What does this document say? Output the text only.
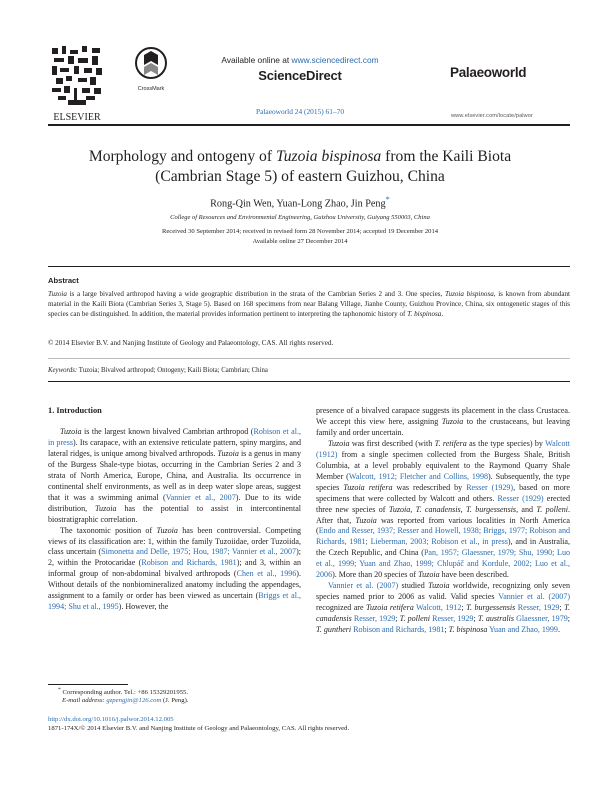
ELSEVIER
CrossMark
Available online at www.sciencedirect.com
ScienceDirect
Palaeoworld 24 (2015) 61–70
Palaeoworld
www.elsevier.com/locate/palwor
Morphology and ontogeny of Tuzoia bispinosa from the Kaili Biota (Cambrian Stage 5) of eastern Guizhou, China
Rong-Qin Wen, Yuan-Long Zhao, Jin Peng*
College of Resources and Environmental Engineering, Guizhou University, Guiyang 550003, China
Received 30 September 2014; received in revised form 28 November 2014; accepted 19 December 2014
Available online 27 December 2014
Abstract
Tuzoia is a large bivalved arthropod having a wide geographic distribution in the strata of the Cambrian Series 2 and 3. One species, Tuzoia bispinosa, is known from abundant material in the Kaili Biota (Cambrian Series 3, Stage 5). Based on 168 specimens from near Balang Village, Jianhe County, Guizhou Province, China, six ontogenetic stages of this species can be distinguished. In addition, the material provides information pertinent to interpreting the taphonomic history of T. bispinosa.
© 2014 Elsevier B.V. and Nanjing Institute of Geology and Palaeontology, CAS. All rights reserved.
Keywords: Tuzoia; Bivalved arthropod; Ontogeny; Kaili Biota; Cambrian; China
1. Introduction

Tuzoia is the largest known bivalved Cambrian arthropod (Robison et al., in press). Its carapace, with an extensive reticulate pattern, spiny margins, and lateral ridges, is unique among bivalved arthropods. Tuzoia is a genus in many of the Burgess Shale-type biotas, occurring in the Cambrian Series 2 and 3 strata of North America, Europe, China, and Australia. Its occurrence in continental shelf environments, as well as in deep water slope areas, suggest that it was a swimming animal (Vannier et al., 2007). Due to its wide distribution, Tuzoia has the potential to assist in intercontinental biostratigraphic correlation.

The taxonomic position of Tuzoia has been controversial. Competing views of its classification are: 1, within the family Tuzoiidae, order Tuzoiida, class uncertain (Simonetta and Delle, 1975; Hou, 1987; Vannier et al., 2007); 2, within the Protocaridae (Robison and Richards, 1981); and 3, within an informal group of non-abdominal bivalved arthropods (Chen et al., 1996). Without details of the nonbiomineralized anatomy including the appendages, assignment to a family or order has been viewed as uncertain (Briggs et al., 1994; Shu et al., 1995). However, the

presence of a bivalved carapace suggests its placement in the class Crustacea. We accept this view here, assigning Tuzoia to the crustaceans, but leaving family and order uncertain.

Tuzoia was first described (with T. retifera as the type species) by Walcott (1912) from a single specimen collected from the Burgess Shale, British Columbia, at a level probably equivalent to the Raymond Quarry Shale Member (Walcott, 1912; Fletcher and Collins, 1998). Subsequently, the type species Tuzoia retifera was redescribed by Resser (1929), based on more specimens that were collected by Walcott and others. Resser (1929) erected three new species of Tuzoia, T. canadensis, T. burgessensis, and T. polleni. After that, Tuzoia was reported from various localities in North America (Endo and Resser, 1937; Resser and Howell, 1938; Briggs, 1977; Robison and Richards, 1981; Lieberman, 2003; Robison et al., in press), and in Australia, the Czech Republic, and China (Pan, 1957; Glaessner, 1979; Shu, 1990; Luo et al., 1999; Yuan and Zhao, 1999; Chlupáč and Kordule, 2002; Luo et al., 2006). More than 20 species of Tuzoia have been described.

Vannier et al. (2007) studied Tuzoia worldwide, recognizing only seven species named prior to 2006 as valid. Valid species Vannier et al. (2007) recognized are Tuzoia retifera Walcott, 1912; T. burgessensis Resser, 1929; T. canadensis Resser, 1929; T. polleni Resser, 1929; T. australis Glaessner, 1979; T. guntheri Robison and Richards, 1981; T. bispinosa Yuan and Zhao, 1999.

* Corresponding author. Tel.: +86 15329201955.
E-mail address: gzpengjin@126.com (J. Peng).
http://dx.doi.org/10.1016/j.palwor.2014.12.005
1871-174X/© 2014 Elsevier B.V. and Nanjing Institute of Geology and Palaeontology, CAS. All rights reserved.
